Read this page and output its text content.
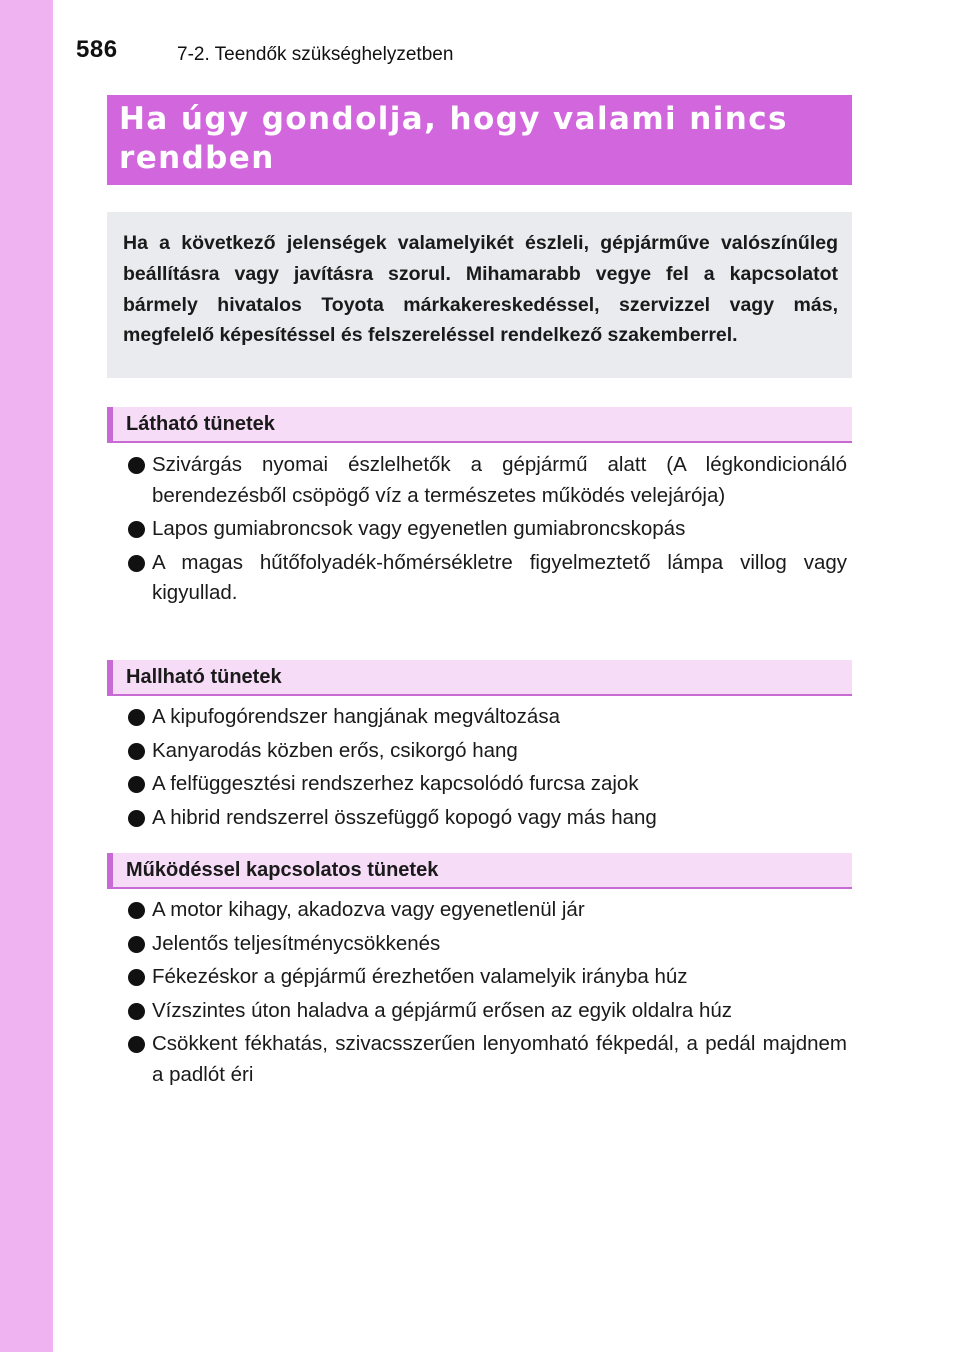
586	7-2. Teendők szükséghelyzetben

Ha úgy gondolja, hogy valami nincs rendben

Ha a következő jelenségek valamelyikét észleli, gépjárműve valószínűleg beállításra vagy javításra szorul. Mihamarabb vegye fel a kapcsolatot bármely hivatalos Toyota márkakereskedéssel, szervizzel vagy más, megfelelő képesítéssel és felszereléssel rendelkező szakemberrel.

Látható tünetek
Szivárgás nyomai észlelhetők a gépjármű alatt (A légkondicionáló berendezésből csöpögő víz a természetes működés velejárója)
Lapos gumiabroncsok vagy egyenetlen gumiabroncskopás
A magas hűtőfolyadék-hőmérsékletre figyelmeztető lámpa villog vagy kigyullad.
Hallható tünetek
A kipufogórendszer hangjának megváltozása
Kanyarodás közben erős, csikorgó hang
A felfüggesztési rendszerhez kapcsolódó furcsa zajok
A hibrid rendszerrel összefüggő kopogó vagy más hang
Működéssel kapcsolatos tünetek
A motor kihagy, akadozva vagy egyenetlenül jár
Jelentős teljesítménycsökkenés
Fékezéskor a gépjármű érezhetően valamelyik irányba húz
Vízszintes úton haladva a gépjármű erősen az egyik oldalra húz
Csökkent fékhatás, szivacsszerűen lenyomható fékpedál, a pedál majdnem a padlót éri
